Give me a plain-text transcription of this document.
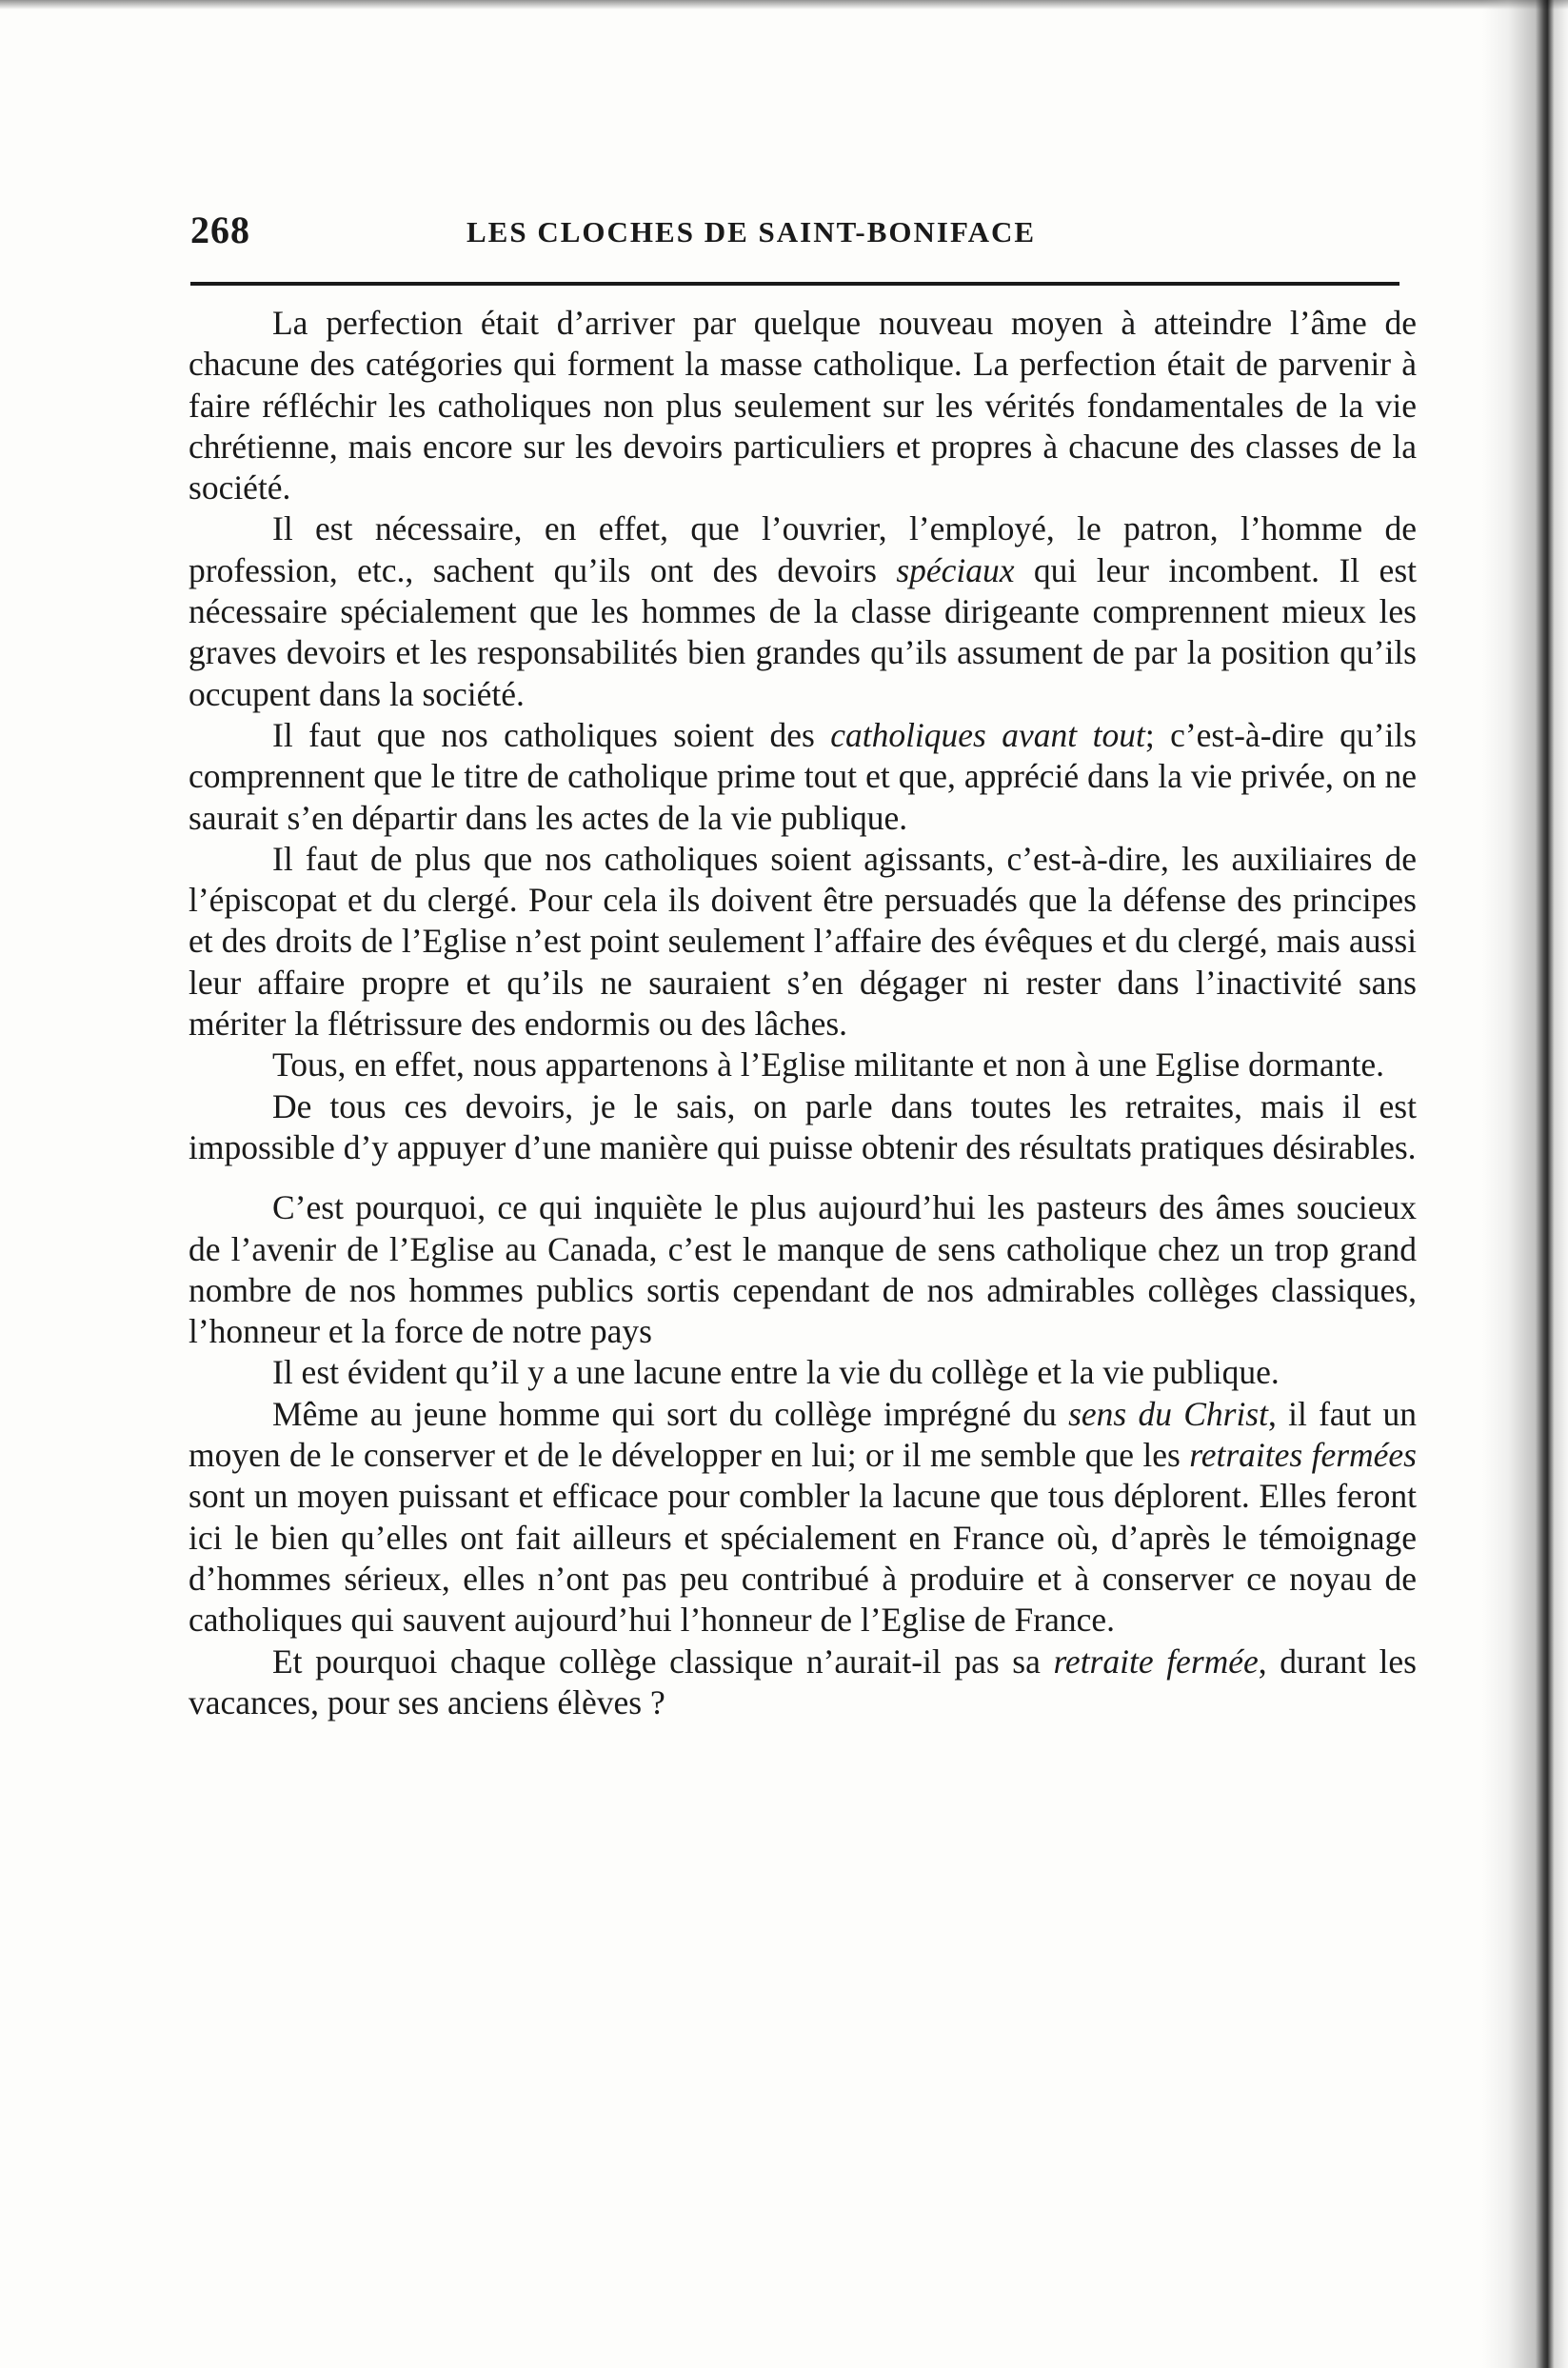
268	LES CLOCHES DE SAINT-BONIFACE

La perfection était d’arriver par quelque nouveau moyen à atteindre l’âme de chacune des catégories qui forment la masse catholique. La perfection était de parvenir à faire réfléchir les catholiques non plus seulement sur les vérités fondamentales de la vie chrétienne, mais encore sur les devoirs particuliers et propres à chacune des classes de la société.

Il est nécessaire, en effet, que l’ouvrier, l’employé, le patron, l’homme de profession, etc., sachent qu’ils ont des devoirs spéciaux qui leur incombent. Il est nécessaire spécialement que les hommes de la classe dirigeante comprennent mieux les graves devoirs et les responsabilités bien grandes qu’ils assument de par la position qu’ils occupent dans la société.

Il faut que nos catholiques soient des catholiques avant tout; c’est-à-dire qu’ils comprennent que le titre de catholique prime tout et que, apprécié dans la vie privée, on ne saurait s’en départir dans les actes de la vie publique.

Il faut de plus que nos catholiques soient agissants, c’est-à-dire, les auxiliaires de l’épiscopat et du clergé. Pour cela ils doivent être persuadés que la défense des principes et des droits de l’Eglise n’est point seulement l’affaire des évêques et du clergé, mais aussi leur affaire propre et qu’ils ne sauraient s’en dégager ni rester dans l’inactivité sans mériter la flétrissure des endormis ou des lâches.

Tous, en effet, nous appartenons à l’Eglise militante et non à une Eglise dormante.

De tous ces devoirs, je le sais, on parle dans toutes les retraites, mais il est impossible d’y appuyer d’une manière qui puisse obtenir des résultats pratiques désirables.

C’est pourquoi, ce qui inquiète le plus aujourd’hui les pasteurs des âmes soucieux de l’avenir de l’Eglise au Canada, c’est le manque de sens catholique chez un trop grand nombre de nos hommes publics sortis cependant de nos admirables collèges classiques, l’honneur et la force de notre pays

Il est évident qu’il y a une lacune entre la vie du collège et la vie publique.

Même au jeune homme qui sort du collège imprégné du sens du Christ, il faut un moyen de le conserver et de le développer en lui; or il me semble que les retraites fermées sont un moyen puissant et efficace pour combler la lacune que tous déplorent. Elles feront ici le bien qu’elles ont fait ailleurs et spécialement en France où, d’après le témoignage d’hommes sérieux, elles n’ont pas peu contribué à produire et à conserver ce noyau de catholiques qui sauvent aujourd’hui l’honneur de l’Eglise de France.

Et pourquoi chaque collège classique n’aurait-il pas sa retraite fermée, durant les vacances, pour ses anciens élèves ?
